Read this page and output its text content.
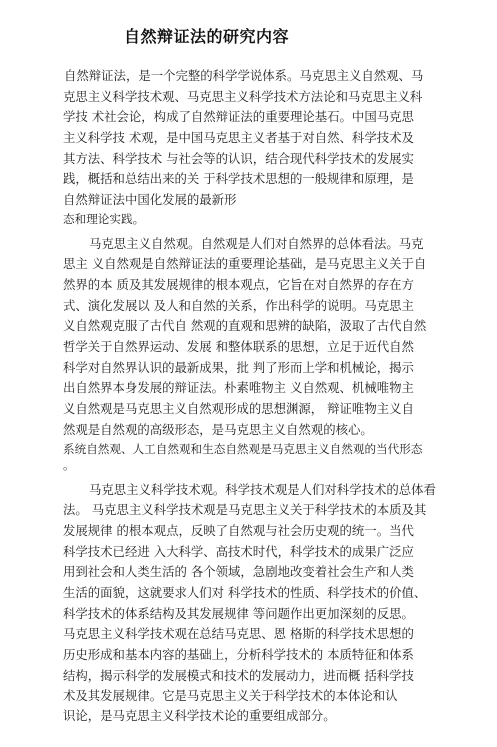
自然辩证法的研究内容
自然辩证法，是一个完整的科学学说体系。马克思主义自然观、马
克思主义科学技术观、马克思主义科学技术方法论和马克思主义科
学技 术社会论，构成了自然辩证法的重要理论基石。中国马克思
主义科学技 术观，是中国马克思主义者基于对自然、科学技术及
其方法、科学技术 与社会等的认识，结合现代科学技术的发展实
践，概括和总结出来的关 于科学技术思想的一般规律和原理，是
自然辩证法中国化发展的最新形
态和理论实践。
马克思主义自然观。自然观是人们对自然界的总体看法。马克
思主 义自然观是自然辩证法的重要理论基础，是马克思主义关于自
然界的本 质及其发展规律的根本观点，它旨在对自然界的存在方
式、演化发展以 及人和自然的关系，作出科学的说明。马克思主
义自然观克服了古代自 然观的直观和思辨的缺陷，汲取了古代自然
哲学关于自然界运动、发展 和整体联系的思想，立足于近代自然
科学对自然界认识的最新成果，批 判了形而上学和机械论，揭示
出自然界本身发展的辩证法。朴素唯物主 义自然观、机械唯物主
义自然观是马克思主义自然观形成的思想渊源， 辩证唯物主义自
然观是自然观的高级形态，是马克思主义自然观的核心。
系统自然观、人工自然观和生态自然观是马克思主义自然观的当代形态
。
马克思主义科学技术观。科学技术观是人们对科学技术的总体看
法。 马克思主义科学技术观是马克思主义关于科学技术的本质及其
发展规律 的根本观点，反映了自然观与社会历史观的统一。当代
科学技术已经进 入大科学、高技术时代，科学技术的成果广泛应
用到社会和人类生活的 各个领域，急剧地改变着社会生产和人类
生活的面貌，这就要求人们对 科学技术的性质、科学技术的价值、
科学技术的体系结构及其发展规律 等问题作出更加深刻的反思。
马克思主义科学技术观在总结马克思、恩 格斯的科学技术思想的
历史形成和基本内容的基础上，分析科学技术的 本质特征和体系
结构，揭示科学的发展模式和技术的发展动力，进而概 括科学技
术及其发展规律。它是马克思主义关于科学技术的本体论和认
识论，是马克思主义科学技术论的重要组成部分。
